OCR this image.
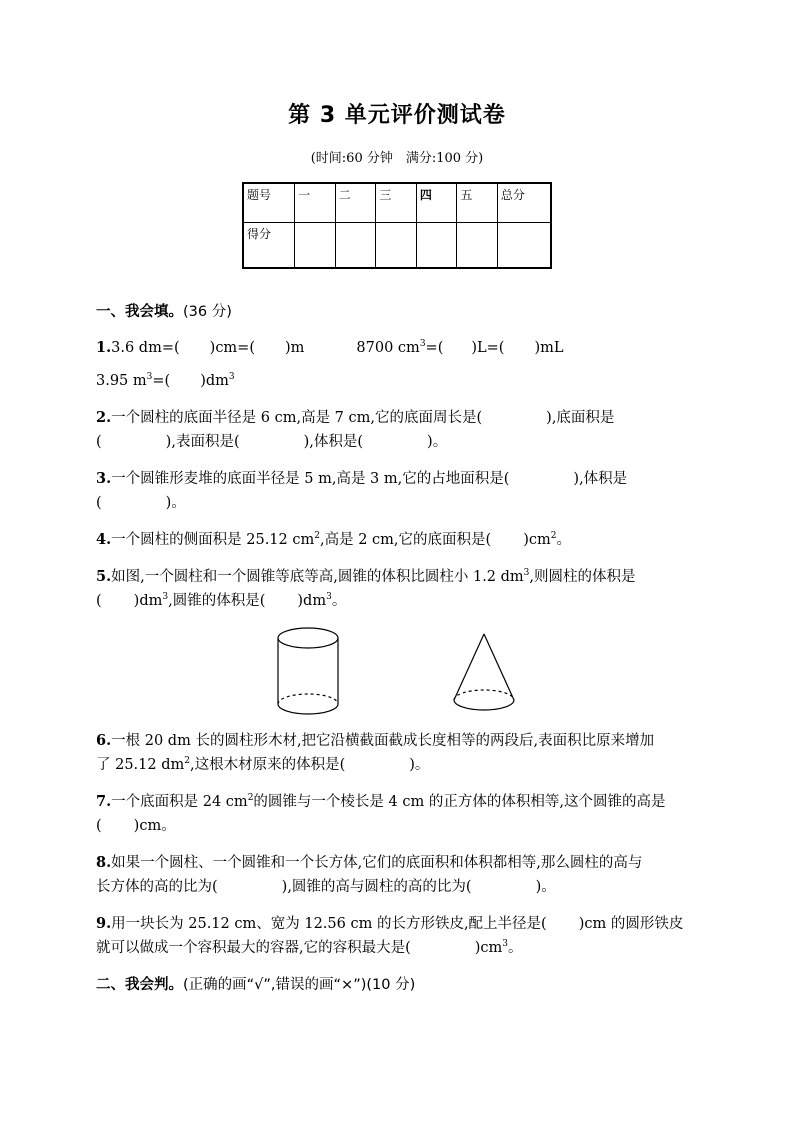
第 3 单元评价测试卷
(时间:60 分钟　满分:100 分)
题号	一	二	三	四	五	总分
得分						
一、我会填。(36 分)
1.3.6 dm=( )cm=( )m	8700 $cm^3=$( )L=( )mL
3.95 $m^3=$( )$dm^3$
2.一个圆柱的底面半径是 6 cm,高是 7 cm,它的底面周长是(	),底面积是
(	),表面积是(	),体积是(	)。
3.一个圆锥形麦堆的底面半径是 5 m,高是 3 m,它的占地面积是(	),体积是
(	)。
4.一个圆柱的侧面积是 25.12 $cm^2$,高是 2 cm,它的底面积是( )$cm^2$。
5.如图,一个圆柱和一个圆锥等底等高,圆锥的体积比圆柱小 1.2 $dm^3$,则圆柱的体积是
( )$dm^3$,圆锥的体积是( )$dm^3$。
6.一根 20 dm 长的圆柱形木材,把它沿横截面截成长度相等的两段后,表面积比原来增加
了 25.12 $dm^2$,这根木材原来的体积是(	)。
7.一个底面积是 24 $cm^2$的圆锥与一个棱长是 4 cm 的正方体的体积相等,这个圆锥的高是
( )cm。
8.如果一个圆柱、一个圆锥和一个长方体,它们的底面积和体积都相等,那么圆柱的高与
长方体的高的比为(	),圆锥的高与圆柱的高的比为(	)。
9.用一块长为 25.12 cm、宽为 12.56 cm 的长方形铁皮,配上半径是( )cm 的圆形铁皮
就可以做成一个容积最大的容器,它的容积最大是(	)$cm^3$。
二、我会判。(正确的画“√”,错误的画“×”)(10 分)
